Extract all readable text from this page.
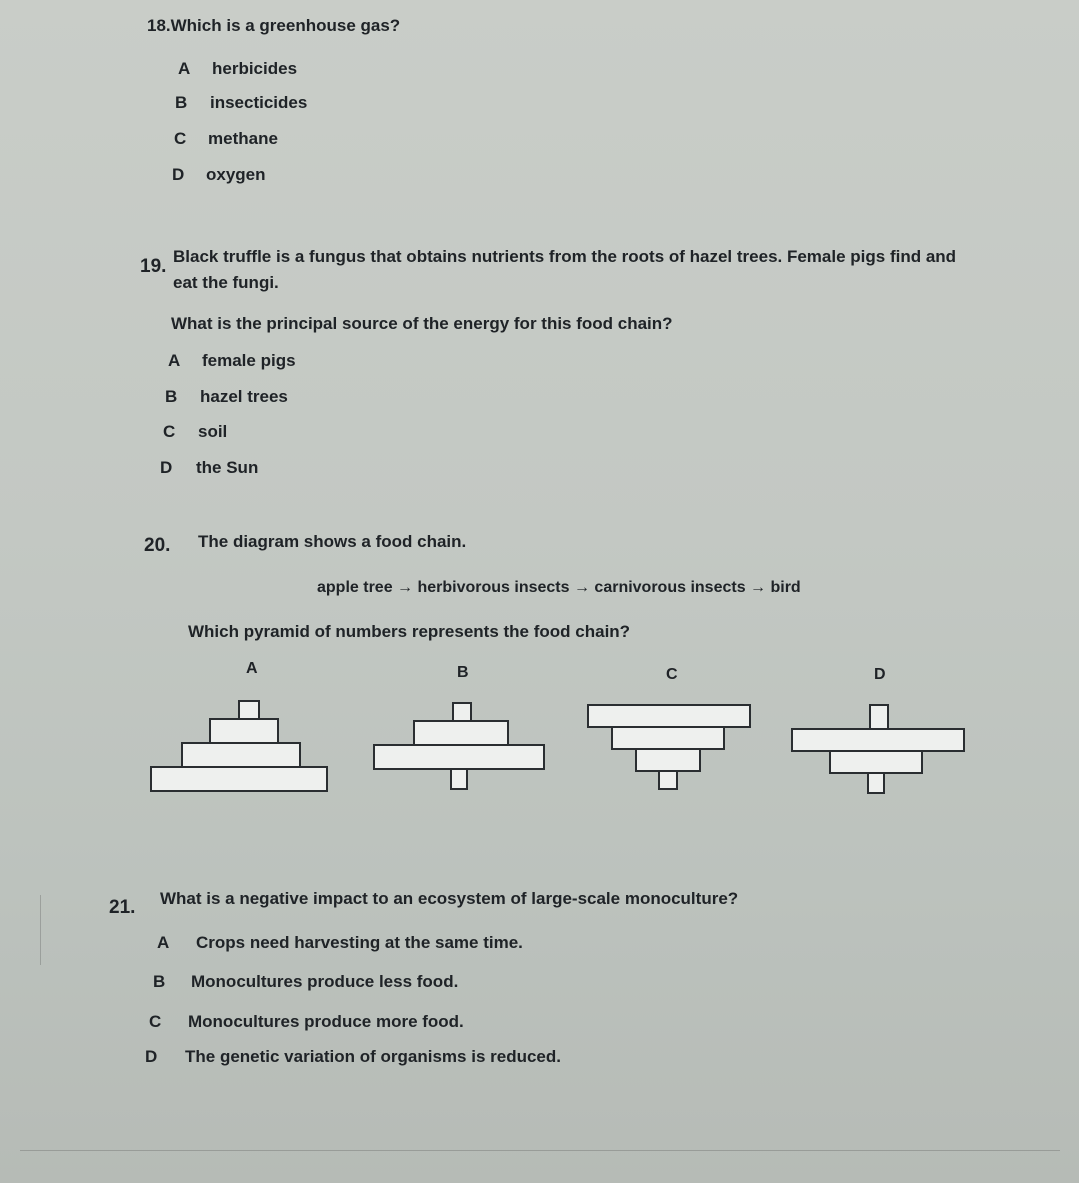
18.Which is a greenhouse gas?
A herbicides
B insecticides
C methane
D oxygen
19. Black truffle is a fungus that obtains nutrients from the roots of hazel trees. Female pigs find and
eat the fungi.
What is the principal source of the energy for this food chain?
A female pigs
B hazel trees
C soil
D the Sun
20. The diagram shows a food chain.
apple tree → herbivorous insects → carnivorous insects → bird
Which pyramid of numbers represents the food chain?
A	B	C	D
21. What is a negative impact to an ecosystem of large-scale monoculture?
A Crops need harvesting at the same time.
B Monocultures produce less food.
C Monocultures produce more food.
D The genetic variation of organisms is reduced.
